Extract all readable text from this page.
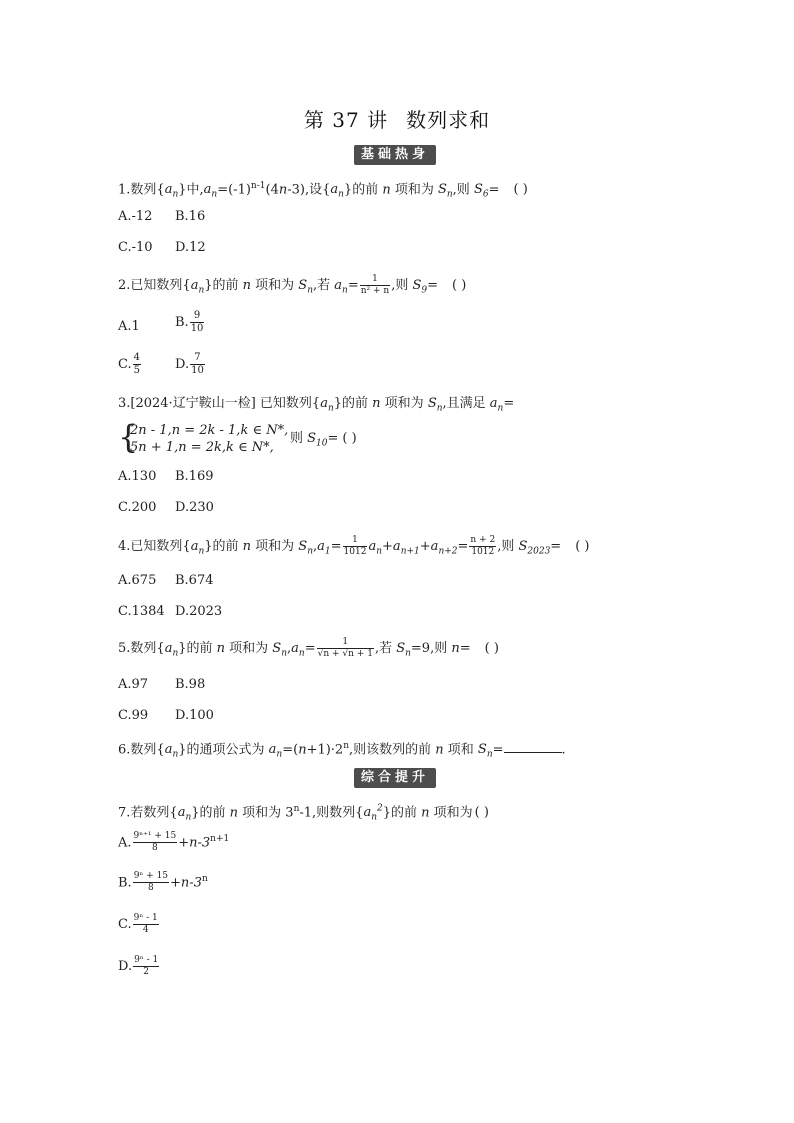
第 37 讲 数列求和
基础热身
1.数列$\{a_n\}$中$,a_n=(-1)^{n-1}(4n-3)$,设$\{a_n\}$的前 n 项和为 $S_n$,则 $S_6=$ ( )
A.-12 B.16
C.-10 D.12
2.已知数列$\{a_n\}$的前 n 项和为 $S_n$,若 $a_n= \frac{1}{\text{n² + n}}$ ,则 $S_9=$ ( )
A.1	B. $\frac{9}{10}$
C. $\frac{4}{5}$	D. $\frac{7}{10}$
3.[2024·辽宁鞍山一检] 已知数列$\{a_n\}$的前 n 项和为 $S_n$,且满足 $a_n=$
{
2n - 1,n = 2k - 1,k ∈ N*,
5n + 1,n = 2k,k ∈ N*,
则 $S_{10}=$ ( )
A.130 B.169
C.200 D.230
4.已知数列$\{a_n\}$的前 n 项和为 $S_n,a_1= \frac{1}{1012} a_n+a_{n+1}+a_{n+2}= \frac{n + 2}{1012}$ ,则 $S_{2023}=$ ( )
A.675 B.674
C.1384 D.2023
5.数列$\{a_n\}$的前 n 项和为 $S_n,a_n= \frac{1}{√n + √n + 1}$ ,若 $S_n=9$,则 n= ( )
A.97 B.98
C.99 D.100
6.数列$\{a_n\}$的通项公式为 $a_n=(n+1)\cdot 2^n$,则该数列的前 n 项和 $S_n=$	.
综合提升
7.若数列$\{a_n\}$的前 n 项和为 3$^n$-1,则数列$\{a_n^2\}$的前 n 项和为 ( )
A. $\frac{\text{9ⁿ⁺¹ + 15}}{8} +n-3^{n+1}$
B. $\frac{\text{9ⁿ + 15}}{8} +n-3^n$
C. $\frac{\text{9ⁿ - 1}}{4}$
D. $\frac{\text{9ⁿ - 1}}{2}$
